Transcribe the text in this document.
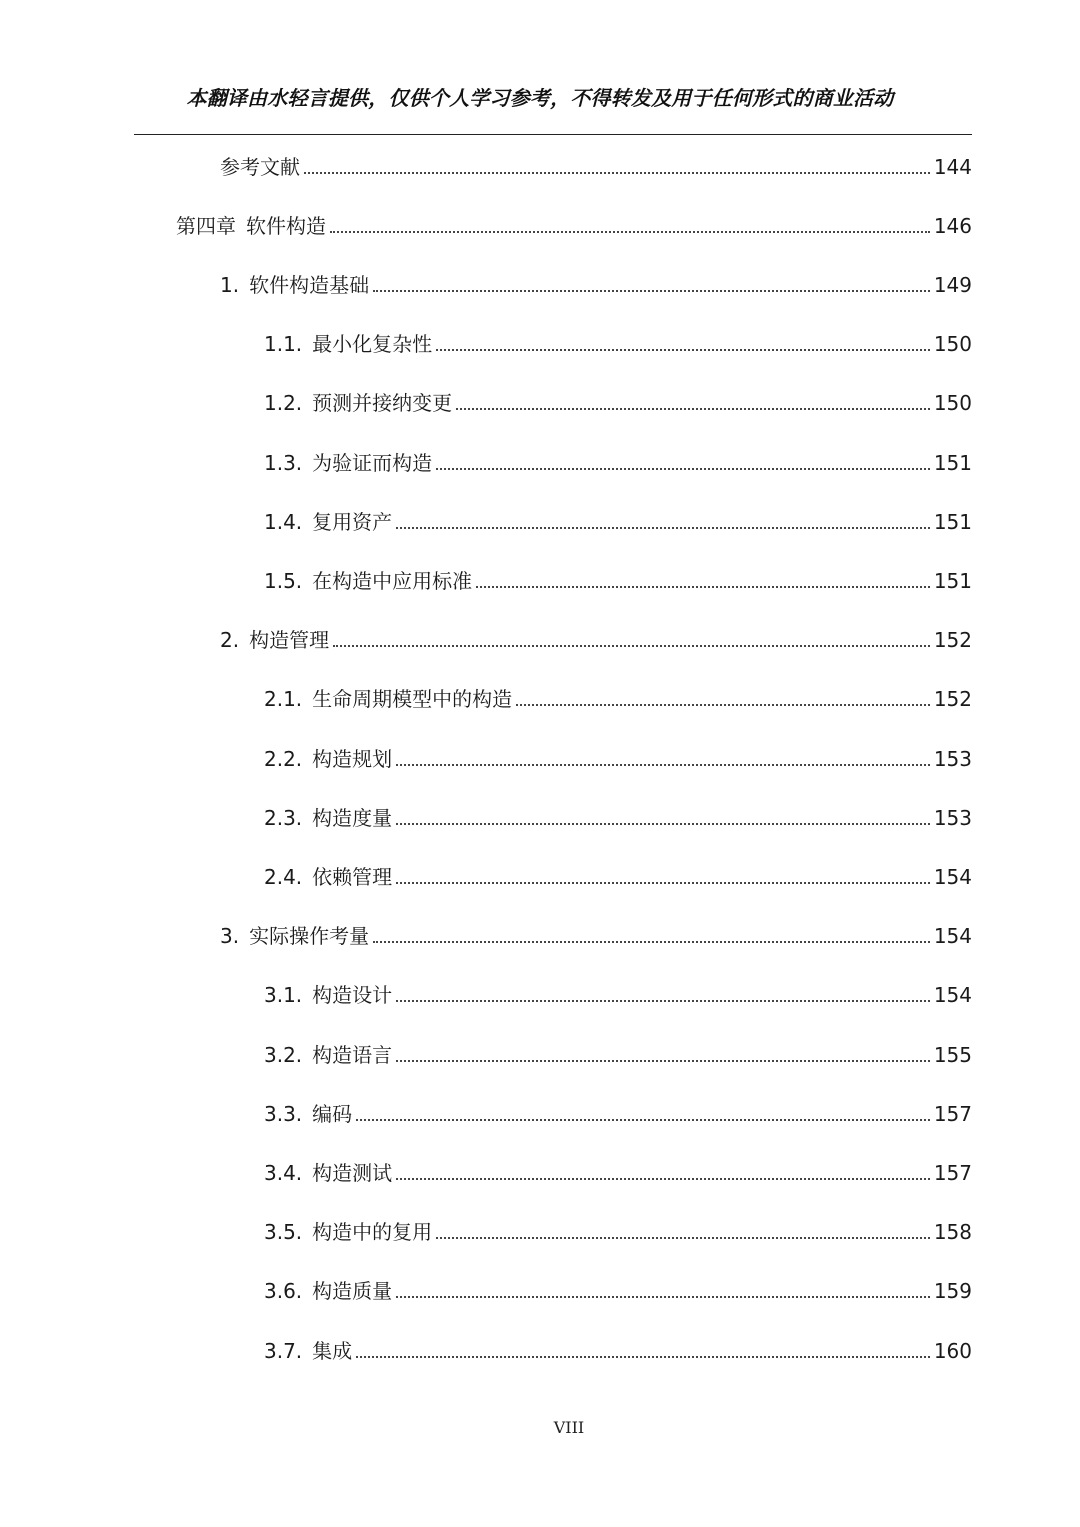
本翻译由水轻言提供，仅供个人学习参考，不得转发及用于任何形式的商业活动
参考文献	144
第四章 软件构造	146
1. 软件构造基础	149
1.1. 最小化复杂性	150
1.2. 预测并接纳变更	150
1.3. 为验证而构造	151
1.4. 复用资产	151
1.5. 在构造中应用标准	151
2. 构造管理	152
2.1. 生命周期模型中的构造	152
2.2. 构造规划	153
2.3. 构造度量	153
2.4. 依赖管理	154
3. 实际操作考量	154
3.1. 构造设计	154
3.2. 构造语言	155
3.3. 编码	157
3.4. 构造测试	157
3.5. 构造中的复用	158
3.6. 构造质量	159
3.7. 集成	160
VIII
